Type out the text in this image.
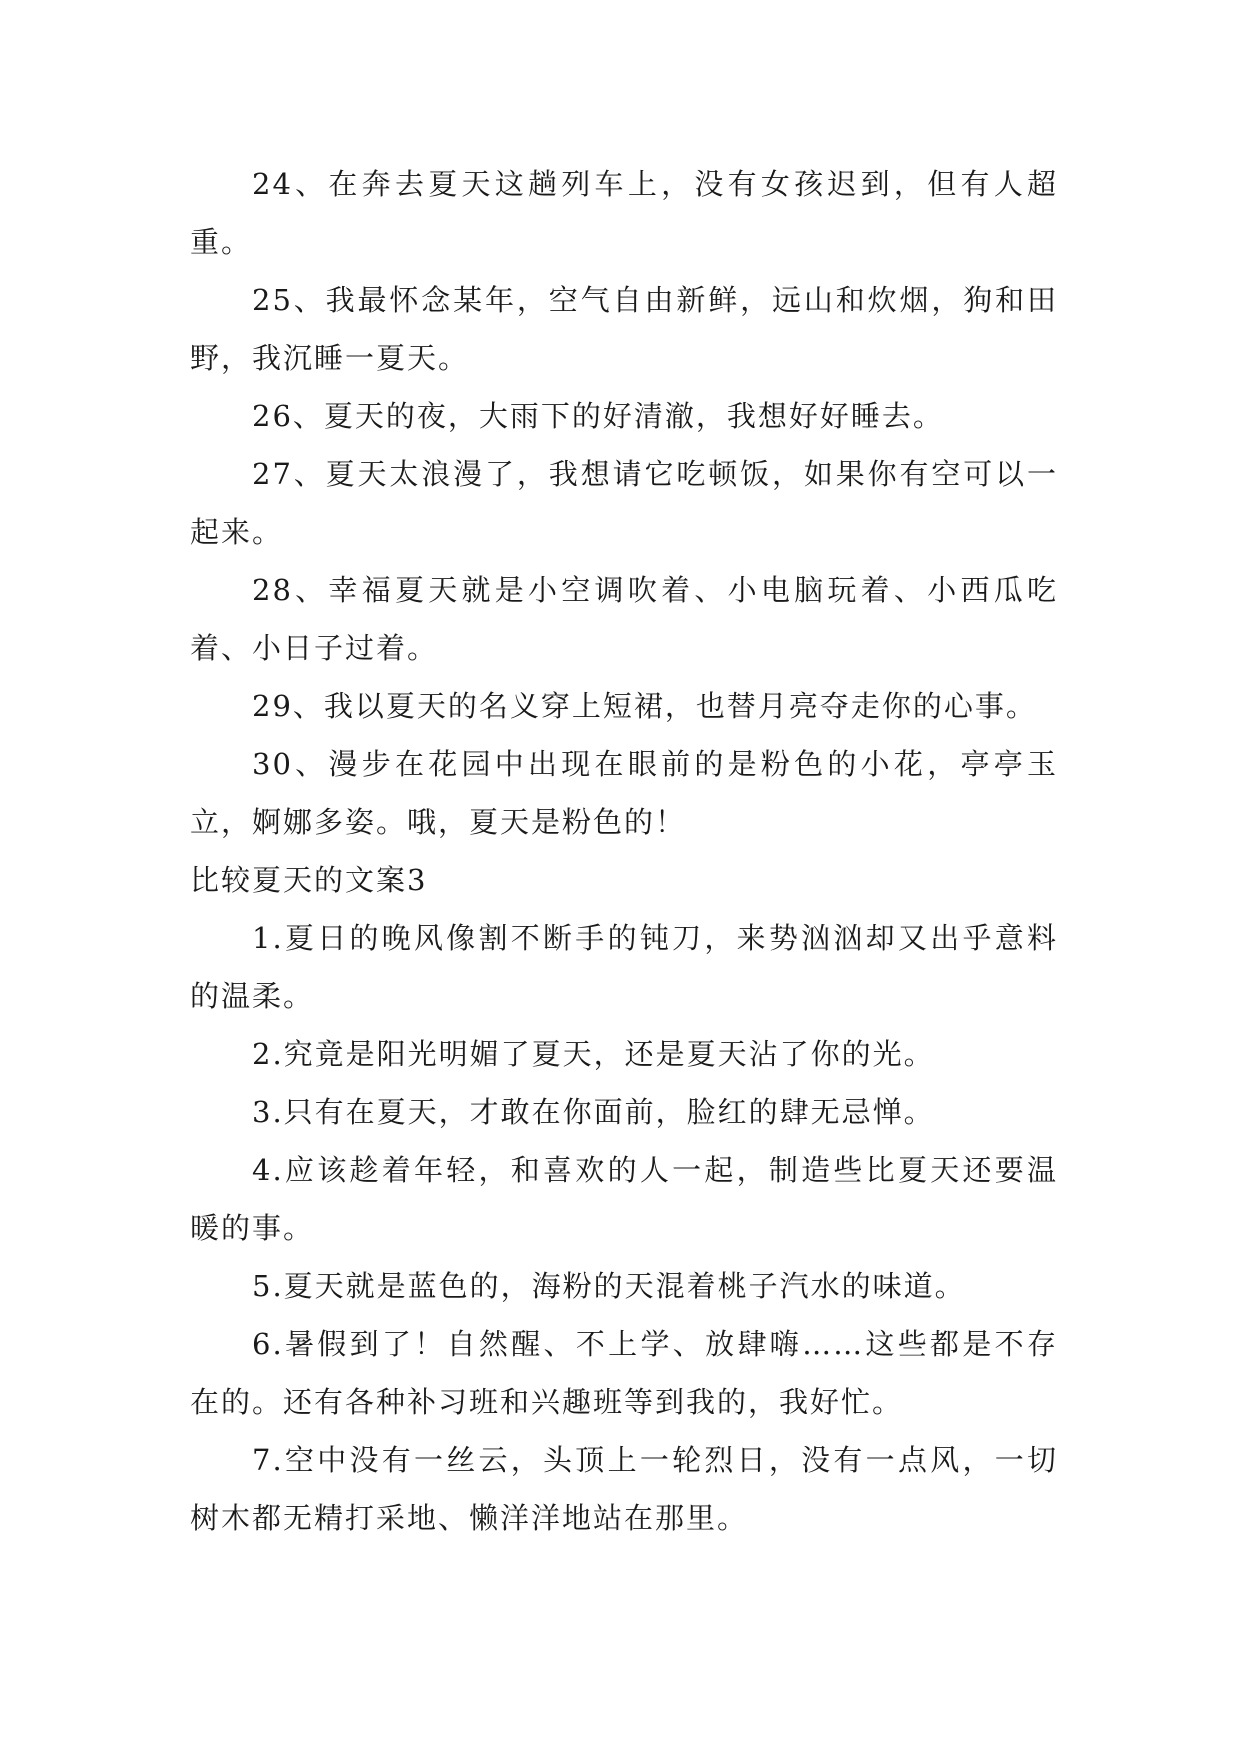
24、在奔去夏天这趟列车上，没有女孩迟到，但有人超重。

25、我最怀念某年，空气自由新鲜，远山和炊烟，狗和田野，我沉睡一夏天。

26、夏天的夜，大雨下的好清澈，我想好好睡去。

27、夏天太浪漫了，我想请它吃顿饭，如果你有空可以一起来。

28、幸福夏天就是小空调吹着、小电脑玩着、小西瓜吃着、小日子过着。

29、我以夏天的名义穿上短裙，也替月亮夺走你的心事。

30、漫步在花园中出现在眼前的是粉色的小花，亭亭玉立，婀娜多姿。哦，夏天是粉色的！

比较夏天的文案3

1.夏日的晚风像割不断手的钝刀，来势汹汹却又出乎意料的温柔。

2.究竟是阳光明媚了夏天，还是夏天沾了你的光。

3.只有在夏天，才敢在你面前，脸红的肆无忌惮。

4.应该趁着年轻，和喜欢的人一起，制造些比夏天还要温暖的事。

5.夏天就是蓝色的，海粉的天混着桃子汽水的味道。

6.暑假到了！自然醒、不上学、放肆嗨……这些都是不存在的。还有各种补习班和兴趣班等到我的，我好忙。

7.空中没有一丝云，头顶上一轮烈日，没有一点风，一切树木都无精打采地、懒洋洋地站在那里。
